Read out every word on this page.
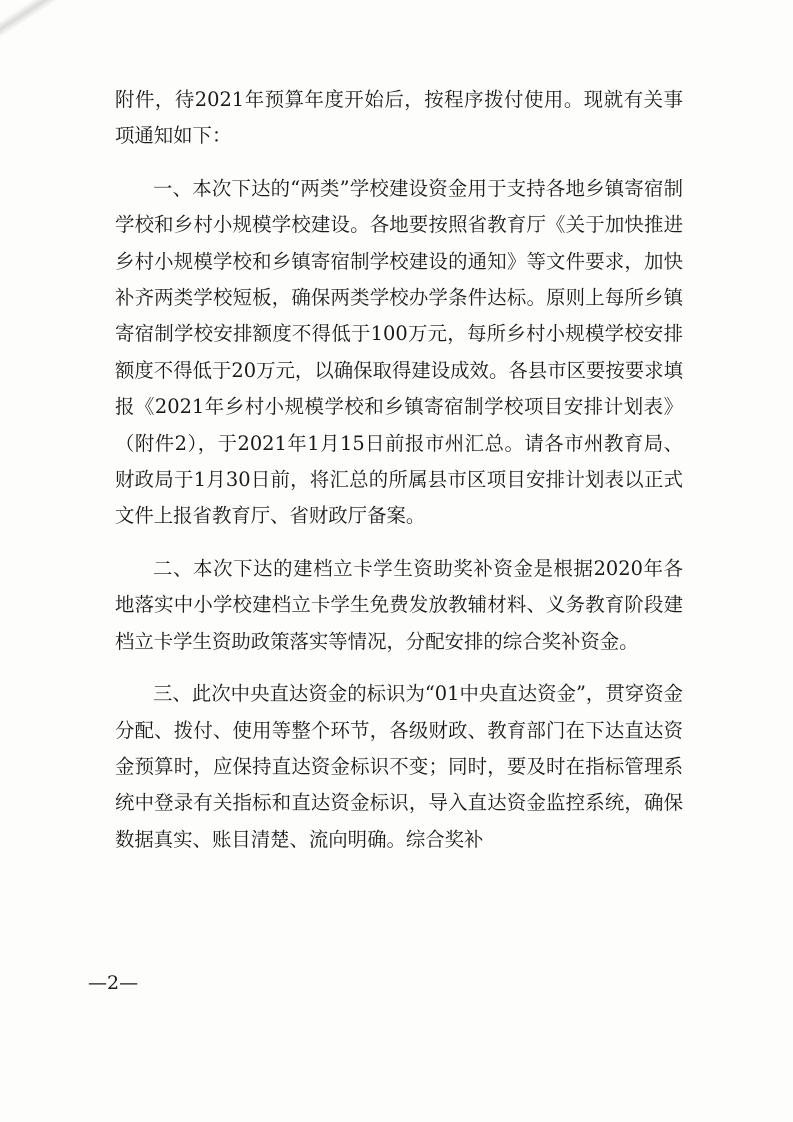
附件，待2021年预算年度开始后，按程序拨付使用。现就有关事项通知如下：

一、本次下达的“两类”学校建设资金用于支持各地乡镇寄宿制学校和乡村小规模学校建设。各地要按照省教育厅《关于加快推进乡村小规模学校和乡镇寄宿制学校建设的通知》等文件要求，加快补齐两类学校短板，确保两类学校办学条件达标。原则上每所乡镇寄宿制学校安排额度不得低于100万元，每所乡村小规模学校安排额度不得低于20万元，以确保取得建设成效。各县市区要按要求填报《2021年乡村小规模学校和乡镇寄宿制学校项目安排计划表》（附件2），于2021年1月15日前报市州汇总。请各市州教育局、财政局于1月30日前，将汇总的所属县市区项目安排计划表以正式文件上报省教育厅、省财政厅备案。

二、本次下达的建档立卡学生资助奖补资金是根据2020年各地落实中小学校建档立卡学生免费发放教辅材料、义务教育阶段建档立卡学生资助政策落实等情况，分配安排的综合奖补资金。

三、此次中央直达资金的标识为“01中央直达资金”，贯穿资金分配、拨付、使用等整个环节，各级财政、教育部门在下达直达资金预算时，应保持直达资金标识不变；同时，要及时在指标管理系统中登录有关指标和直达资金标识，导入直达资金监控系统，确保数据真实、账目清楚、流向明确。综合奖补

—2—
